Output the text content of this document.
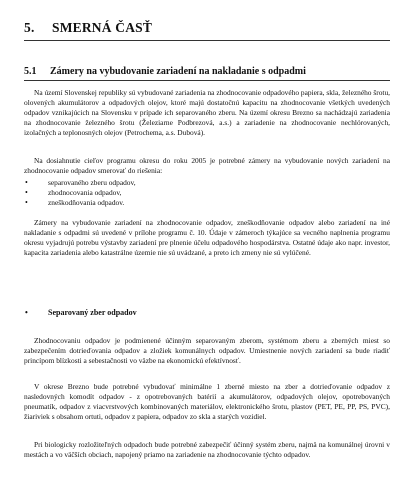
5. SMERNÁ ČASŤ
5.1 Zámery na vybudovanie zariadení na nakladanie s odpadmi

Na území Slovenskej republiky sú vybudované zariadenia na zhodnocovanie odpadového papiera, skla, železného šrotu, olovených akumulátorov a odpadových olejov, ktoré majú dostatočnú kapacitu na zhodnocovanie všetkých uvedených odpadov vznikajúcich na Slovensku v prípade ich separovaného zberu. Na území okresu Brezno sa nachádzajú zariadenia na zhodnocovanie železného šrotu (Železiarne Podbrezová, a.s.) a zariadenie na zhodnocovanie nechlórovaných, izolačných a teplonosných olejov (Petrochema, a.s. Dubová).

Na dosiahnutie cieľov programu okresu do roku 2005 je potrebné zámery na vybudovanie nových zariadení na zhodnocovanie odpadov smerovať do riešenia:

•	separovaného zberu odpadov,
•	zhodnocovania odpadov,
•	zneškodňovania odpadov.

Zámery na vybudovanie zariadení na zhodnocovanie odpadov, zneškodňovanie odpadov alebo zariadení na iné nakladanie s odpadmi sú uvedené v prílohe programu č. 10. Údaje v zámeroch týkajúce sa vecného naplnenia programu okresu vyjadrujú potrebu výstavby zariadení pre plnenie účelu odpadového hospodárstva. Ostatné údaje ako napr. investor, kapacita zariadenia alebo katastrálne územie nie sú uvádzané, a preto ich zmeny nie sú vylúčené.

•	Separovaný zber odpadov

Zhodnocovaniu odpadov je podmienené účinným separovaným zberom, systémom zberu a zberných miest so zabezpečením dotrieďovania odpadov a zložiek komunálnych odpadov. Umiestnenie nových zariadení sa bude riadiť princípom blízkosti a sebestačnosti vo väzbe na ekonomickú efektívnosť.

V okrese Brezno bude potrebné vybudovať minimálne 1 zberné miesto na zber a dotrieďovanie odpadov z nasledovných komodít odpadov - z opotrebovaných batérií a akumulátorov, odpadových olejov, opotrebovaných pneumatík, odpadov z viacvrstvových kombinovaných materiálov, elektronického šrotu, plastov (PET, PE, PP, PS, PVC), žiariviek s obsahom ortuti, odpadov z papiera, odpadov zo skla a starých vozidiel.

Pri biologicky rozložiteľných odpadoch bude potrebné zabezpečiť účinný systém zberu, najmä na komunálnej úrovni v mestách a vo väčších obciach, napojený priamo na zariadenie na zhodnocovanie týchto odpadov.
